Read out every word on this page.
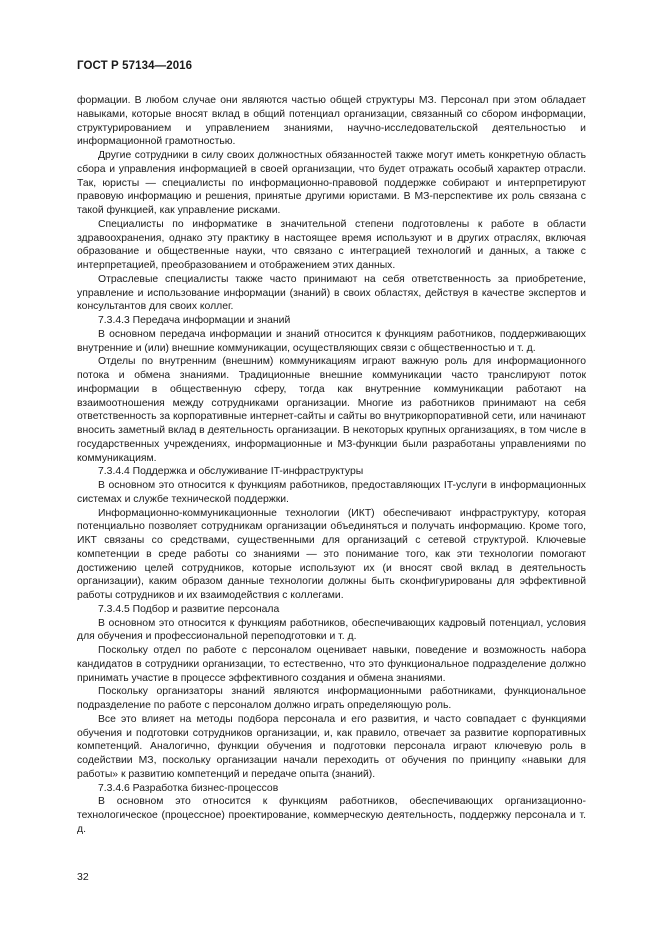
ГОСТ Р 57134—2016

формации. В любом случае они являются частью общей структуры МЗ. Персонал при этом обладает навыками, которые вносят вклад в общий потенциал организации, связанный со сбором информации, структурированием и управлением знаниями, научно-исследовательской деятельностью и информационной грамотностью.

Другие сотрудники в силу своих должностных обязанностей также могут иметь конкретную область сбора и управления информацией в своей организации, что будет отражать особый характер отрасли. Так, юристы — специалисты по информационно-правовой поддержке собирают и интерпретируют правовую информацию и решения, принятые другими юристами. В МЗ-перспективе их роль связана с такой функцией, как управление рисками.

Специалисты по информатике в значительной степени подготовлены к работе в области здравоохранения, однако эту практику в настоящее время используют и в других отраслях, включая образование и общественные науки, что связано с интеграцией технологий и данных, а также с интерпретацией, преобразованием и отображением этих данных.

Отраслевые специалисты также часто принимают на себя ответственность за приобретение, управление и использование информации (знаний) в своих областях, действуя в качестве экспертов и консультантов для своих коллег.

7.3.4.3 Передача информации и знаний

В основном передача информации и знаний относится к функциям работников, поддерживающих внутренние и (или) внешние коммуникации, осуществляющих связи с общественностью и т. д.

Отделы по внутренним (внешним) коммуникациям играют важную роль для информационного потока и обмена знаниями. Традиционные внешние коммуникации часто транслируют поток информации в общественную сферу, тогда как внутренние коммуникации работают на взаимоотношения между сотрудниками организации. Многие из работников принимают на себя ответственность за корпоративные интернет-сайты и сайты во внутрикорпоративной сети, или начинают вносить заметный вклад в деятельность организации. В некоторых крупных организациях, в том числе в государственных учреждениях, информационные и МЗ-функции были разработаны управлениями по коммуникациям.

7.3.4.4 Поддержка и обслуживание IT-инфраструктуры

В основном это относится к функциям работников, предоставляющих IT-услуги в информационных системах и службе технической поддержки.

Информационно-коммуникационные технологии (ИКТ) обеспечивают инфраструктуру, которая потенциально позволяет сотрудникам организации объединяться и получать информацию. Кроме того, ИКТ связаны со средствами, существенными для организаций с сетевой структурой. Ключевые компетенции в среде работы со знаниями — это понимание того, как эти технологии помогают достижению целей сотрудников, которые используют их (и вносят свой вклад в деятельность организации), каким образом данные технологии должны быть сконфигурированы для эффективной работы сотрудников и их взаимодействия с коллегами.

7.3.4.5 Подбор и развитие персонала

В основном это относится к функциям работников, обеспечивающих кадровый потенциал, условия для обучения и профессиональной переподготовки и т. д.

Поскольку отдел по работе с персоналом оценивает навыки, поведение и возможность набора кандидатов в сотрудники организации, то естественно, что это функциональное подразделение должно принимать участие в процессе эффективного создания и обмена знаниями.

Поскольку организаторы знаний являются информационными работниками, функциональное подразделение по работе с персоналом должно играть определяющую роль.

Все это влияет на методы подбора персонала и его развития, и часто совпадает с функциями обучения и подготовки сотрудников организации, и, как правило, отвечает за развитие корпоративных компетенций. Аналогично, функции обучения и подготовки персонала играют ключевую роль в содействии МЗ, поскольку организации начали переходить от обучения по принципу «навыки для работы» к развитию компетенций и передаче опыта (знаний).

7.3.4.6 Разработка бизнес-процессов

В основном это относится к функциям работников, обеспечивающих организационно-технологическое (процессное) проектирование, коммерческую деятельность, поддержку персонала и т. д.

32
